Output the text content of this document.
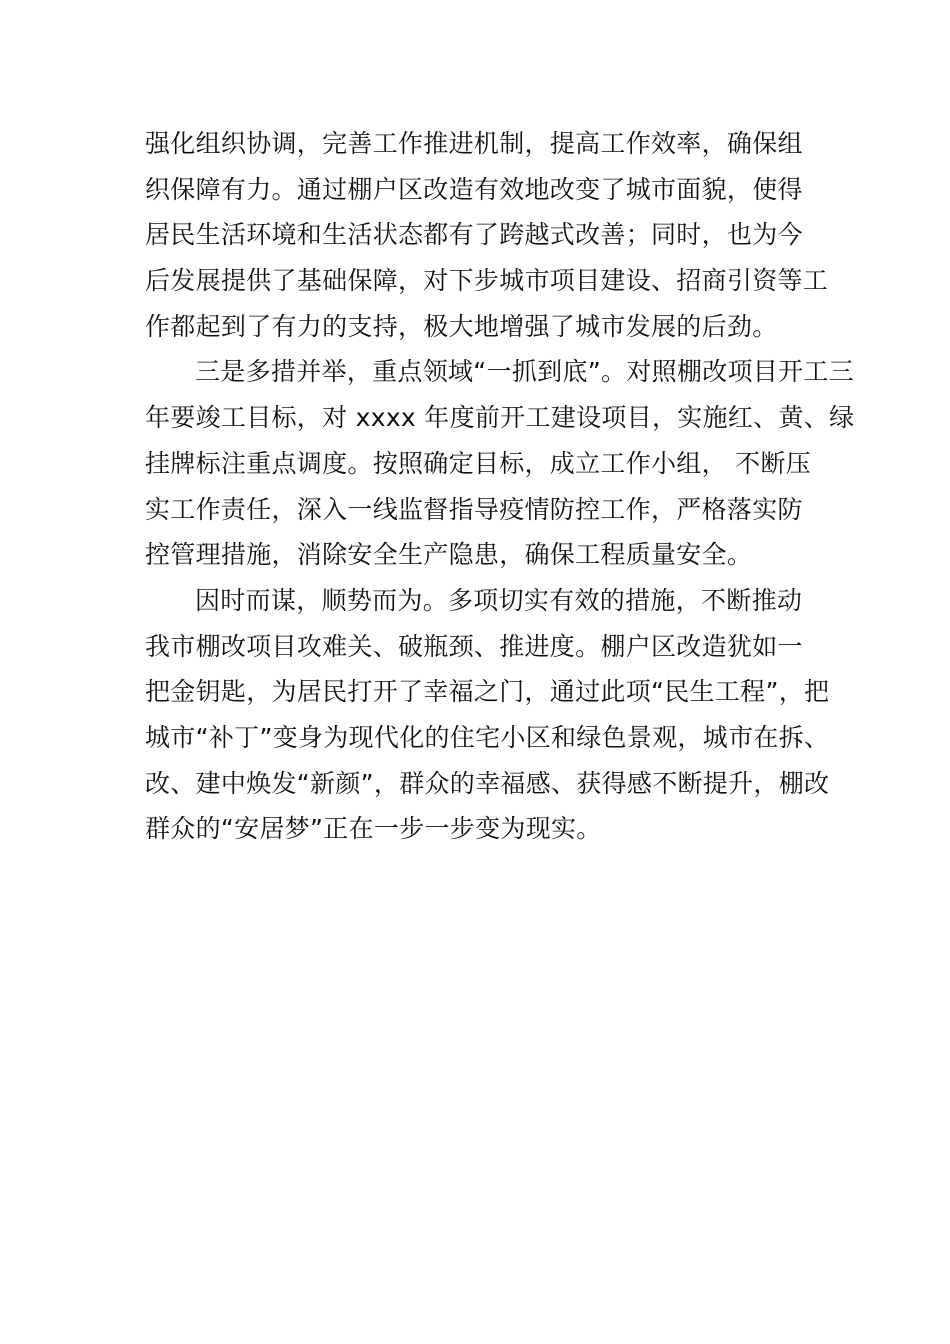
强化组织协调，完善工作推进机制，提高工作效率，确保组
织保障有力。通过棚户区改造有效地改变了城市面貌，使得
居民生活环境和生活状态都有了跨越式改善；同时，也为今
后发展提供了基础保障，对下步城市项目建设、招商引资等工
作都起到了有力的支持，极大地增强了城市发展的后劲。
三是多措并举，重点领域“一抓到底”。对照棚改项目开工三
年要竣工目标，对 xxxx 年度前开工建设项目，实施红、黄、绿
挂牌标注重点调度。按照确定目标，成立工作小组， 不断压
实工作责任，深入一线监督指导疫情防控工作，严格落实防
控管理措施，消除安全生产隐患，确保工程质量安全。
因时而谋，顺势而为。多项切实有效的措施，不断推动
我市棚改项目攻难关、破瓶颈、推进度。棚户区改造犹如一
把金钥匙，为居民打开了幸福之门，通过此项“民生工程”，把
城市“补丁”变身为现代化的住宅小区和绿色景观，城市在拆、
改、建中焕发“新颜”，群众的幸福感、获得感不断提升，棚改
群众的“安居梦”正在一步一步变为现实。
